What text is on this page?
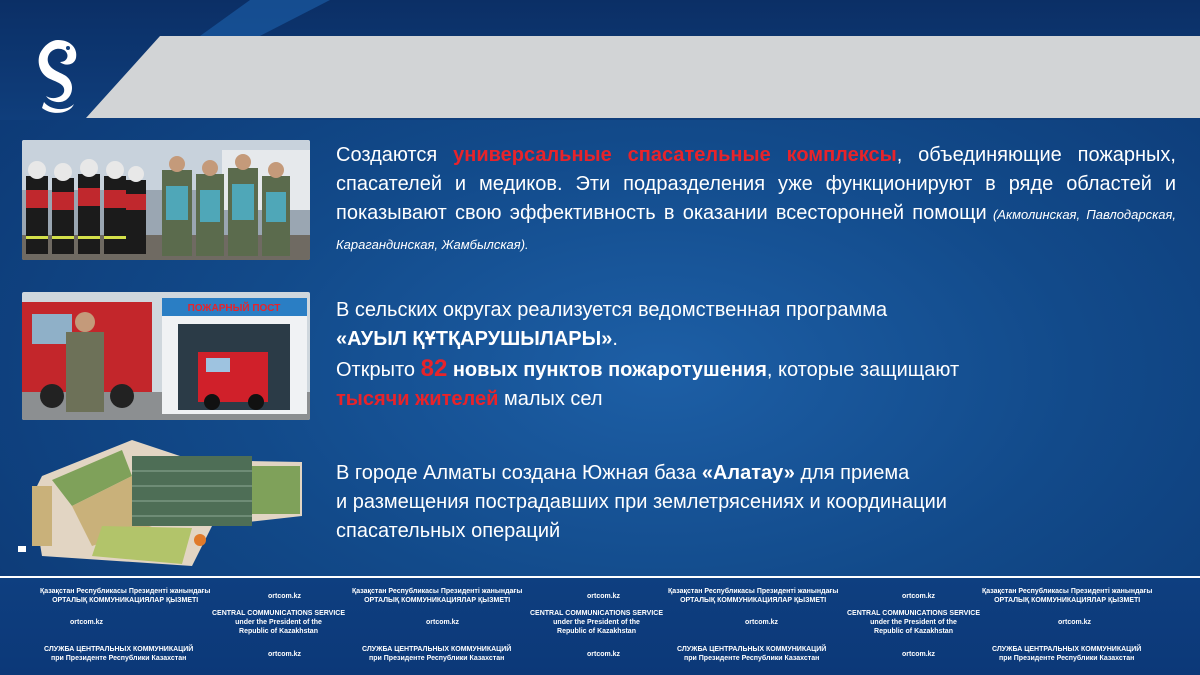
ПОЖАРНЫЙ ПОСТ
Создаются универсальные спасательные комплексы, объединяющие пожарных, спасателей и медиков. Эти подразделения уже функционируют в ряде областей и показывают свою эффективность в оказании всесторонней помощи (Акмолинская, Павлодарская, Карагандинская, Жамбылская).
В сельских округах реализуется ведомственная программа
«АУЫЛ ҚҰТҚАРУШЫЛАРЫ».
Открыто 82 новых пунктов пожаротушения, которые защищают
тысячи жителей малых сел
В городе Алматы создана Южная база «Алатау» для приема
и размещения пострадавших при землетрясениях и координации
спасательных операций
Қазақстан Республикасы Президенті жанындағы
ОРТАЛЫҚ КОММУНИКАЦИЯЛАР ҚЫЗМЕТІ
ortcom.kz
Қазақстан Республикасы Президенті жанындағы
ОРТАЛЫҚ КОММУНИКАЦИЯЛАР ҚЫЗМЕТІ
ortcom.kz
Қазақстан Республикасы Президенті жанындағы
ОРТАЛЫҚ КОММУНИКАЦИЯЛАР ҚЫЗМЕТІ
ortcom.kz
Қазақстан Республикасы Президенті жанындағы
ОРТАЛЫҚ КОММУНИКАЦИЯЛАР ҚЫЗМЕТІ
ortcom.kz
CENTRAL COMMUNICATIONS SERVICE
under the President of the
Republic of Kazakhstan
ortcom.kz
CENTRAL COMMUNICATIONS SERVICE
under the President of the
Republic of Kazakhstan
ortcom.kz
CENTRAL COMMUNICATIONS SERVICE
under the President of the
Republic of Kazakhstan
ortcom.kz
СЛУЖБА ЦЕНТРАЛЬНЫХ КОММУНИКАЦИЙ
при Президенте Республики Казахстан
ortcom.kz
СЛУЖБА ЦЕНТРАЛЬНЫХ КОММУНИКАЦИЙ
при Президенте Республики Казахстан
ortcom.kz
СЛУЖБА ЦЕНТРАЛЬНЫХ КОММУНИКАЦИЙ
при Президенте Республики Казахстан
ortcom.kz
СЛУЖБА ЦЕНТРАЛЬНЫХ КОММУНИКАЦИЙ
при Президенте Республики Казахстан
